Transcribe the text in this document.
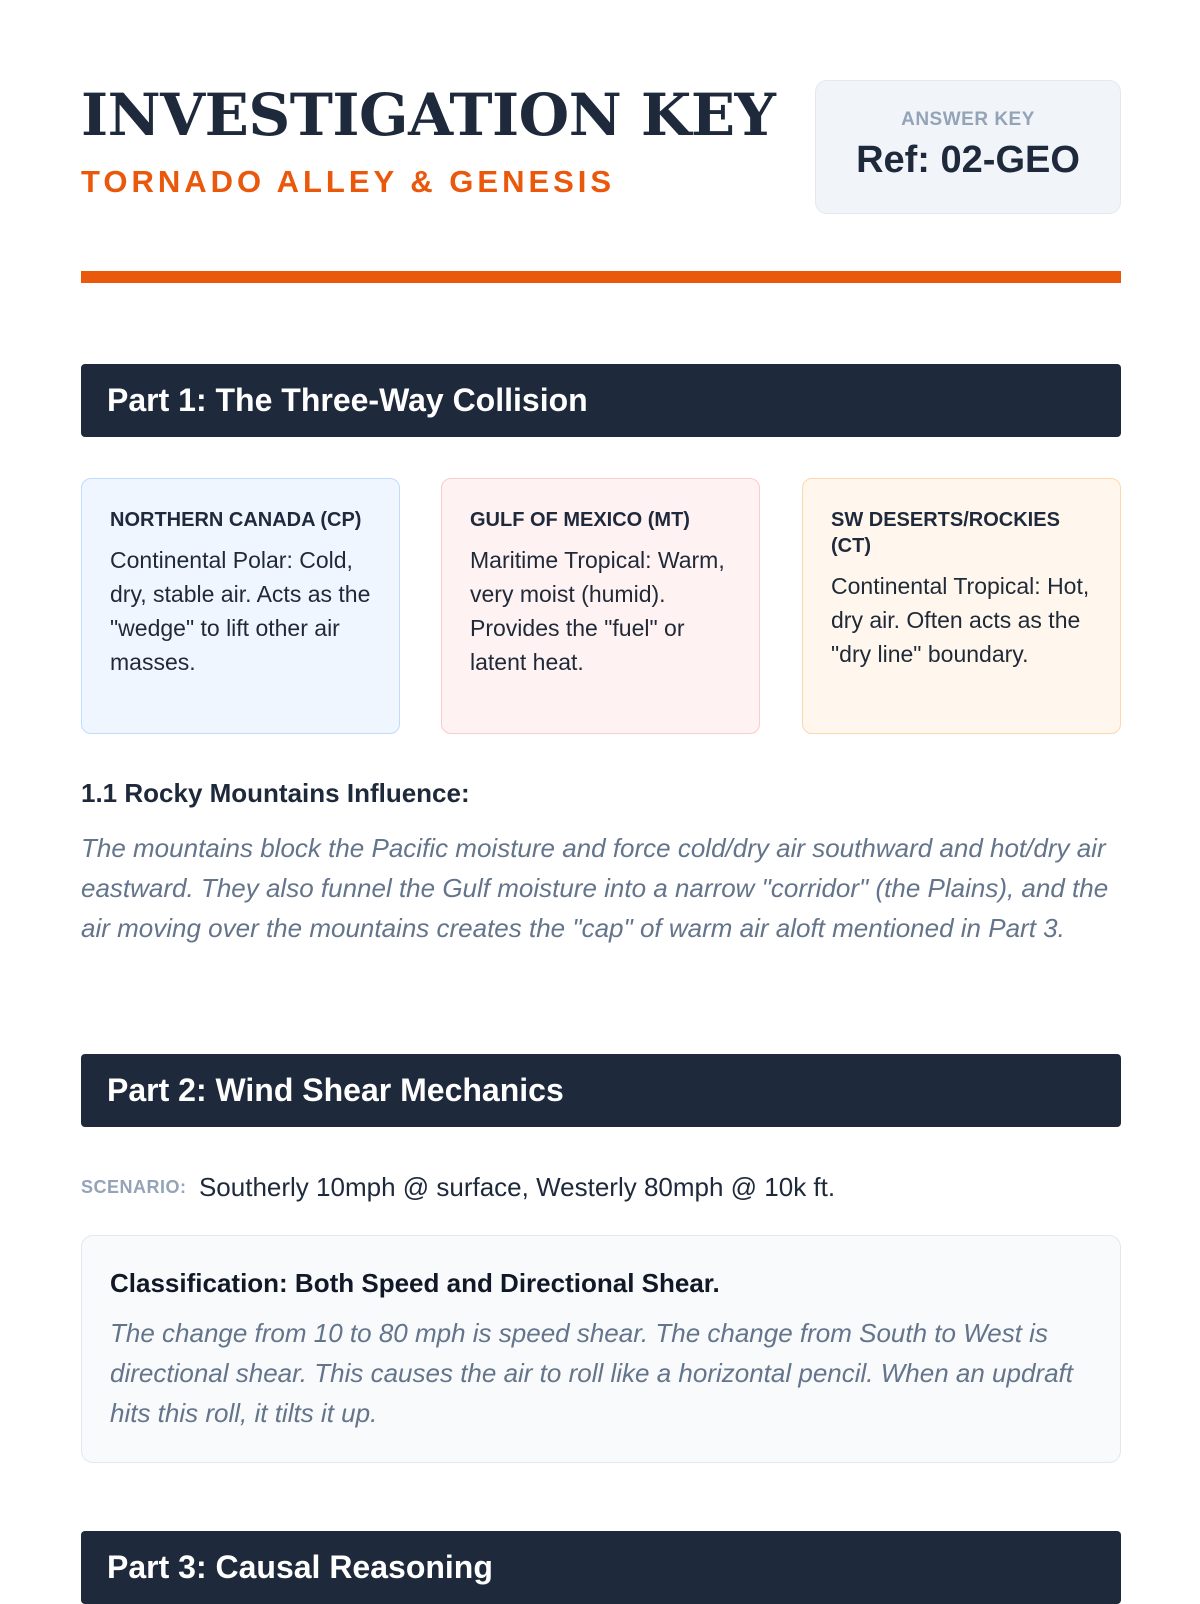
INVESTIGATION KEY
TORNADO ALLEY & GENESIS
ANSWER KEY
Ref: 02-GEO
Part 1: The Three-Way Collision
NORTHERN CANADA (CP)

Continental Polar: Cold, dry, stable air. Acts as the "wedge" to lift other air masses.

GULF OF MEXICO (MT)

Maritime Tropical: Warm, very moist (humid). Provides the "fuel" or latent heat.

SW DESERTS/ROCKIES (CT)

Continental Tropical: Hot, dry air. Often acts as the "dry line" boundary.

1.1 Rocky Mountains Influence:

The mountains block the Pacific moisture and force cold/dry air southward and hot/dry air eastward. They also funnel the Gulf moisture into a narrow "corridor" (the Plains), and the air moving over the mountains creates the "cap" of warm air aloft mentioned in Part 3.

Part 2: Wind Shear Mechanics
SCENARIO: Southerly 10mph @ surface, Westerly 80mph @ 10k ft.
Classification: Both Speed and Directional Shear.

The change from 10 to 80 mph is speed shear. The change from South to West is directional shear. This causes the air to roll like a horizontal pencil. When an updraft hits this roll, it tilts it up.

Part 3: Causal Reasoning
